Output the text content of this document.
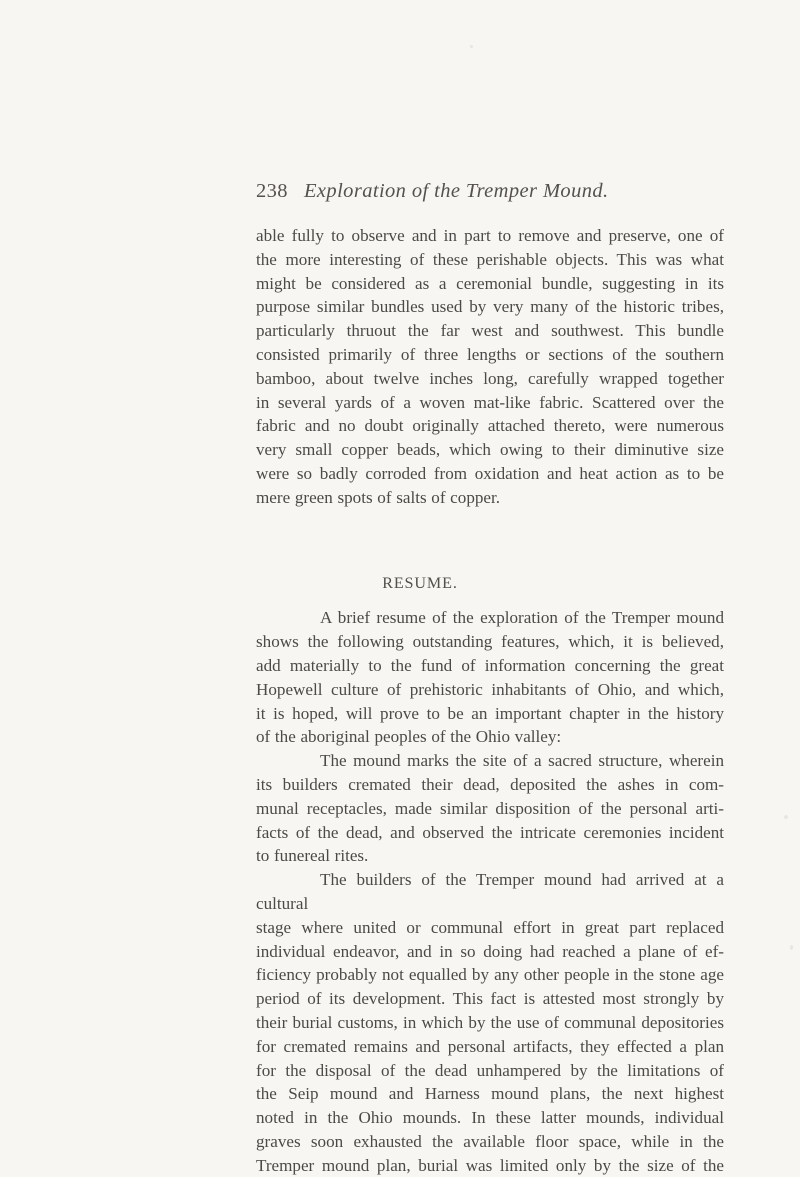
238 Exploration of the Tremper Mound.

able fully to observe and in part to remove and preserve, one of
the more interesting of these perishable objects. This was what
might be considered as a ceremonial bundle, suggesting in its
purpose similar bundles used by very many of the historic tribes,
particularly thruout the far west and southwest. This bundle
consisted primarily of three lengths or sections of the southern
bamboo, about twelve inches long, carefully wrapped together
in several yards of a woven mat-like fabric. Scattered over the
fabric and no doubt originally attached thereto, were numerous
very small copper beads, which owing to their diminutive size
were so badly corroded from oxidation and heat action as to be
mere green spots of salts of copper.

RESUME.

A brief resume of the exploration of the Tremper mound
shows the following outstanding features, which, it is believed,
add materially to the fund of information concerning the great
Hopewell culture of prehistoric inhabitants of Ohio, and which,
it is hoped, will prove to be an important chapter in the history
of the aboriginal peoples of the Ohio valley:

The mound marks the site of a sacred structure, wherein
its builders cremated their dead, deposited the ashes in com-
munal receptacles, made similar disposition of the personal arti-
facts of the dead, and observed the intricate ceremonies incident
to funereal rites.

The builders of the Tremper mound had arrived at a cultural
stage where united or communal effort in great part replaced
individual endeavor, and in so doing had reached a plane of ef-
ficiency probably not equalled by any other people in the stone age
period of its development. This fact is attested most strongly by
their burial customs, in which by the use of communal depositories
for cremated remains and personal artifacts, they effected a plan
for the disposal of the dead unhampered by the limitations of
the Seip mound and Harness mound plans, the next highest
noted in the Ohio mounds. In these latter mounds, individual
graves soon exhausted the available floor space, while in the
Tremper mound plan, burial was limited only by the size of the
